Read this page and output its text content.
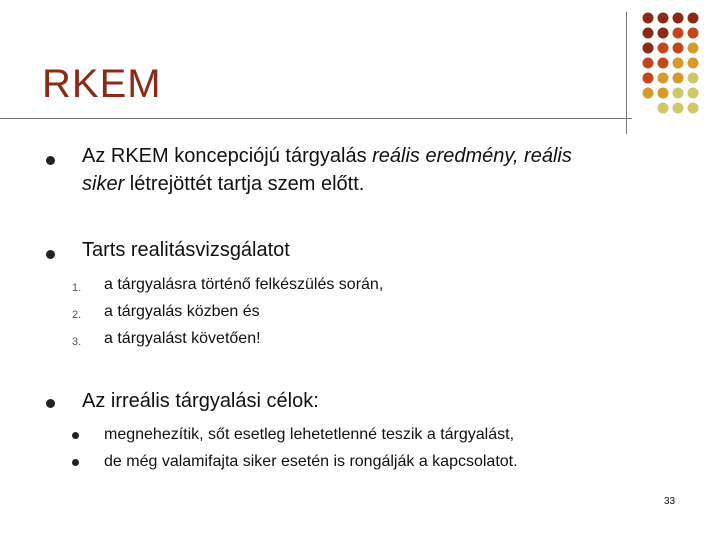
RKEM
Az RKEM koncepciójú tárgyalás reális eredmény, reális
siker létrejöttét tartja szem előtt.
Tarts realitásvizsgálatot
1. a tárgyalásra történő felkészülés során,
2. a tárgyalás közben és
3. a tárgyalást követően!
Az irreális tárgyalási célok:
megnehezítik, sőt esetleg lehetetlenné teszik a tárgyalást,
de még valamifajta siker esetén is rongálják a kapcsolatot.
33
